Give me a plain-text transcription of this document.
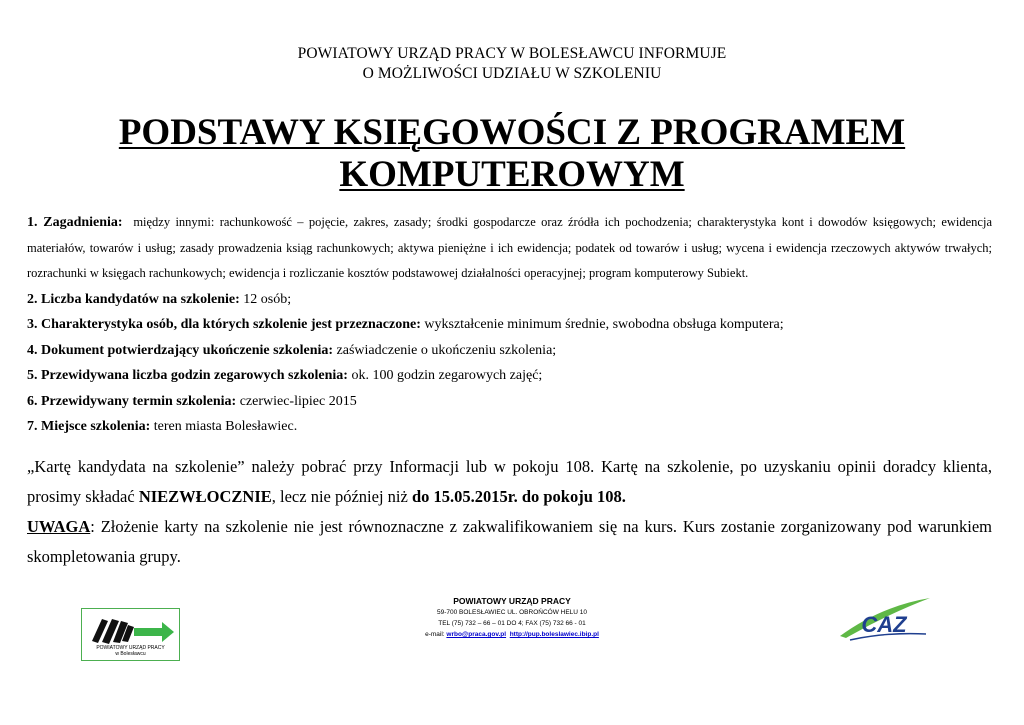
POWIATOWY URZĄD PRACY W BOLESŁAWCU INFORMUJE
O MOŻLIWOŚCI UDZIAŁU W SZKOLENIU
PODSTAWY KSIĘGOWOŚCI Z PROGRAMEM
KOMPUTEROWYM
1. Zagadnienia: między innymi: rachunkowość – pojęcie, zakres, zasady; środki gospodarcze oraz źródła ich pochodzenia; charakterystyka kont i dowodów księgowych; ewidencja materiałów, towarów i usług; zasady prowadzenia ksiąg rachunkowych; aktywa pieniężne i ich ewidencja; podatek od towarów i usług; wycena i ewidencja rzeczowych aktywów trwałych; rozrachunki w księgach rachunkowych; ewidencja i rozliczanie kosztów podstawowej działalności operacyjnej; program komputerowy Subiekt.
2. Liczba kandydatów na szkolenie: 12 osób;
3. Charakterystyka osób, dla których szkolenie jest przeznaczone: wykształcenie minimum średnie, swobodna obsługa komputera;
4. Dokument potwierdzający ukończenie szkolenia: zaświadczenie o ukończeniu szkolenia;
5. Przewidywana liczba godzin zegarowych szkolenia: ok. 100 godzin zegarowych zajęć;
6. Przewidywany termin szkolenia: czerwiec-lipiec 2015
7. Miejsce szkolenia: teren miasta Bolesławiec.
„Kartę kandydata na szkolenie” należy pobrać przy Informacji lub w pokoju 108. Kartę na szkolenie, po uzyskaniu opinii doradcy klienta, prosimy składać NIEZWŁOCZNIE, lecz nie później niż do 15.05.2015r. do pokoju 108.
UWAGA: Złożenie karty na szkolenie nie jest równoznaczne z zakwalifikowaniem się na kurs. Kurs zostanie zorganizowany pod warunkiem skompletowania grupy.
POWIATOWY URZĄD PRACY
w Bolesławcu
POWIATOWY URZĄD PRACY
59-700 BOLESŁAWIEC UL. OBROŃCÓW HELU 10
TEL (75) 732 – 66 – 01 DO 4; FAX (75) 732 66 - 01
e-mail: wrbo@praca.gov.pl http://pup.boleslawiec.ibip.pl	CAZ
